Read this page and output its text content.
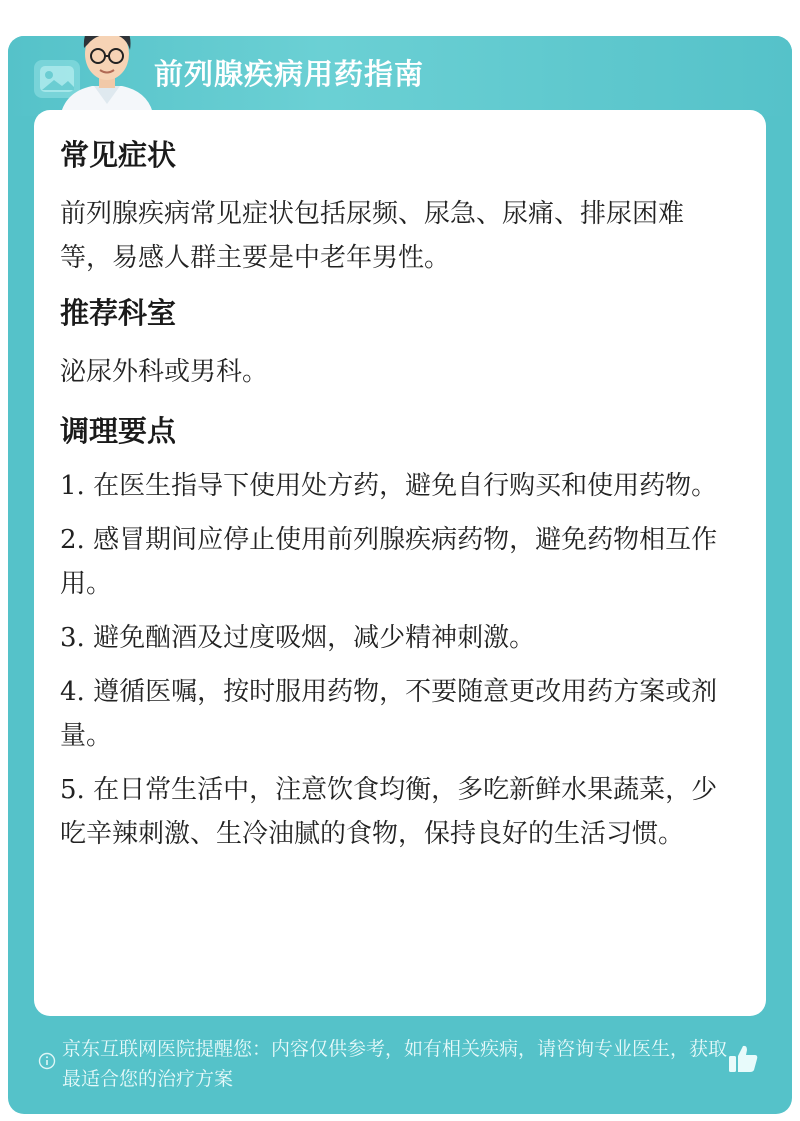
前列腺疾病用药指南
常见症状

前列腺疾病常见症状包括尿频、尿急、尿痛、排尿困难等，易感人群主要是中老年男性。

推荐科室

泌尿外科或男科。

调理要点

1. 在医生指导下使用处方药，避免自行购买和使用药物。

2. 感冒期间应停止使用前列腺疾病药物，避免药物相互作用。

3. 避免酗酒及过度吸烟，减少精神刺激。

4. 遵循医嘱，按时服用药物，不要随意更改用药方案或剂量。

5. 在日常生活中，注意饮食均衡，多吃新鲜水果蔬菜，少吃辛辣刺激、生冷油腻的食物，保持良好的生活习惯。

京东互联网医院提醒您：内容仅供参考，如有相关疾病，请咨询专业医生，获取最适合您的治疗方案
